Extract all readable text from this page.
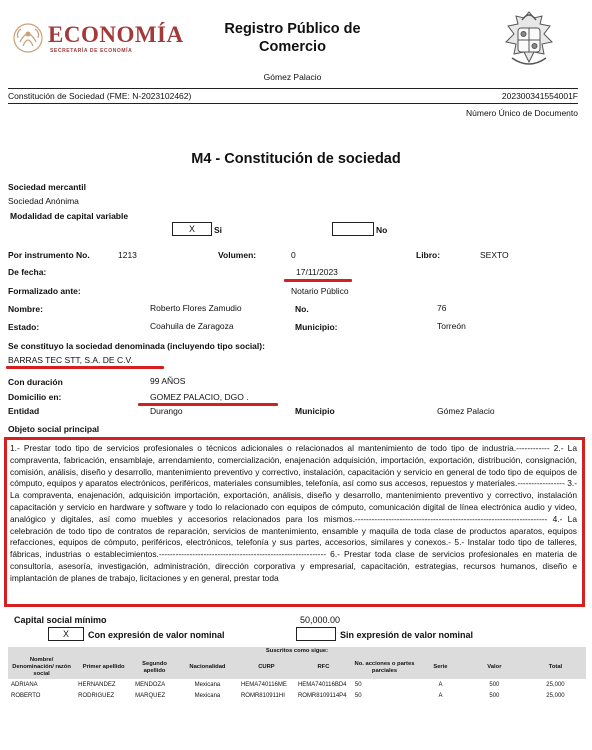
ECONOMÍA
SECRETARÍA DE ECONOMÍA
Registro Público de Comercio
Gómez Palacio
Constitución de Sociedad (FME: N-2023102462)	202300341554001F
Número Único de Documento
M4 - Constitución de sociedad
Sociedad mercantil
Sociedad Anónima
Modalidad de capital variable
X	Si	No
Por instrumento No.	1213	Volumen:	0	Libro:	SEXTO
De fecha:	17/11/2023
Formalizado ante:	Notario Público
Nombre:	Roberto Flores Zamudio	No.	76
Estado:	Coahuila de Zaragoza	Municipio:	Torreón
Se constituyo la sociedad denominada (incluyendo tipo social):
BARRAS TEC STT, S.A. DE C.V.
Con duración	99 AÑOS
Domicilio en:	GOMEZ PALACIO, DGO .
Entidad	Durango	Municipio	Gómez Palacio
Objeto social principal
1.- Prestar todo tipo de servicios profesionales o técnicos adicionales o relacionados al mantenimiento de todo tipo de industria.------------ 2.- La compraventa, fabricación, ensamblaje, arrendamiento, comercialización, enajenación adquisición, importación, exportación, distribución, consignación, comisión, análisis, diseño y desarrollo, mantenimiento preventivo y correctivo, instalación, capacitación y servicio en general de todo tipo de equipos de cómputo, equipos y aparatos electrónicos, periféricos, materiales consumibles, telefonía, así como sus accesos, repuestos y materiales.----------------- 3.- La compraventa, enajenación, adquisición importación, exportación, análisis, diseño y desarrollo, mantenimiento preventivo y correctivo, instalación capacitación y servicio en hardware y software y todo lo relacionado con equipos de cómputo, comunicación digital de línea electrónica audio y video, analógico y digitales, así como muebles y accesorios relacionados para los mismos.--------------------------------------------------------------------- 4.- La celebración de todo tipo de contratos de reparación, servicios de mantenimiento, ensamble y maquila de toda clase de productos aparatos, equipos refacciones, equipos de cómputo, periféricos, electrónicos, telefonía y sus partes, accesorios, similares y conexos.- 5.- Instalar todo tipo de talleres, fábricas, industrias o establecimientos.------------------------------------------------------------ 6.- Prestar toda clase de servicios profesionales en materia de consultoría, asesoría, investigación, administración, dirección corporativa y empresarial, capacitación, estrategias, recursos humanos, diseño e implantación de planes de trabajo, licitaciones y en general, prestar toda
Capital social mínimo	50,000.00
X	Con expresión de valor nominal	Sin expresión de valor nominal
Suscritos como sigue:									
Nombre/ Denominación/ razón social	Primer apellido	Segundo apellido	Nacionalidad	CURP	RFC	No. acciones o partes parciales	Serie	Valor	Total
ADRIANA	HERNANDEZ	MENDOZA	Mexicana	HEMA740116ME	HEMA740116BD4	50	A	500	25,000
ROBERTO	RODRIGUEZ	MARQUEZ	Mexicana	ROMR810911HI	ROMR8109114P4	50	A	500	25,000
